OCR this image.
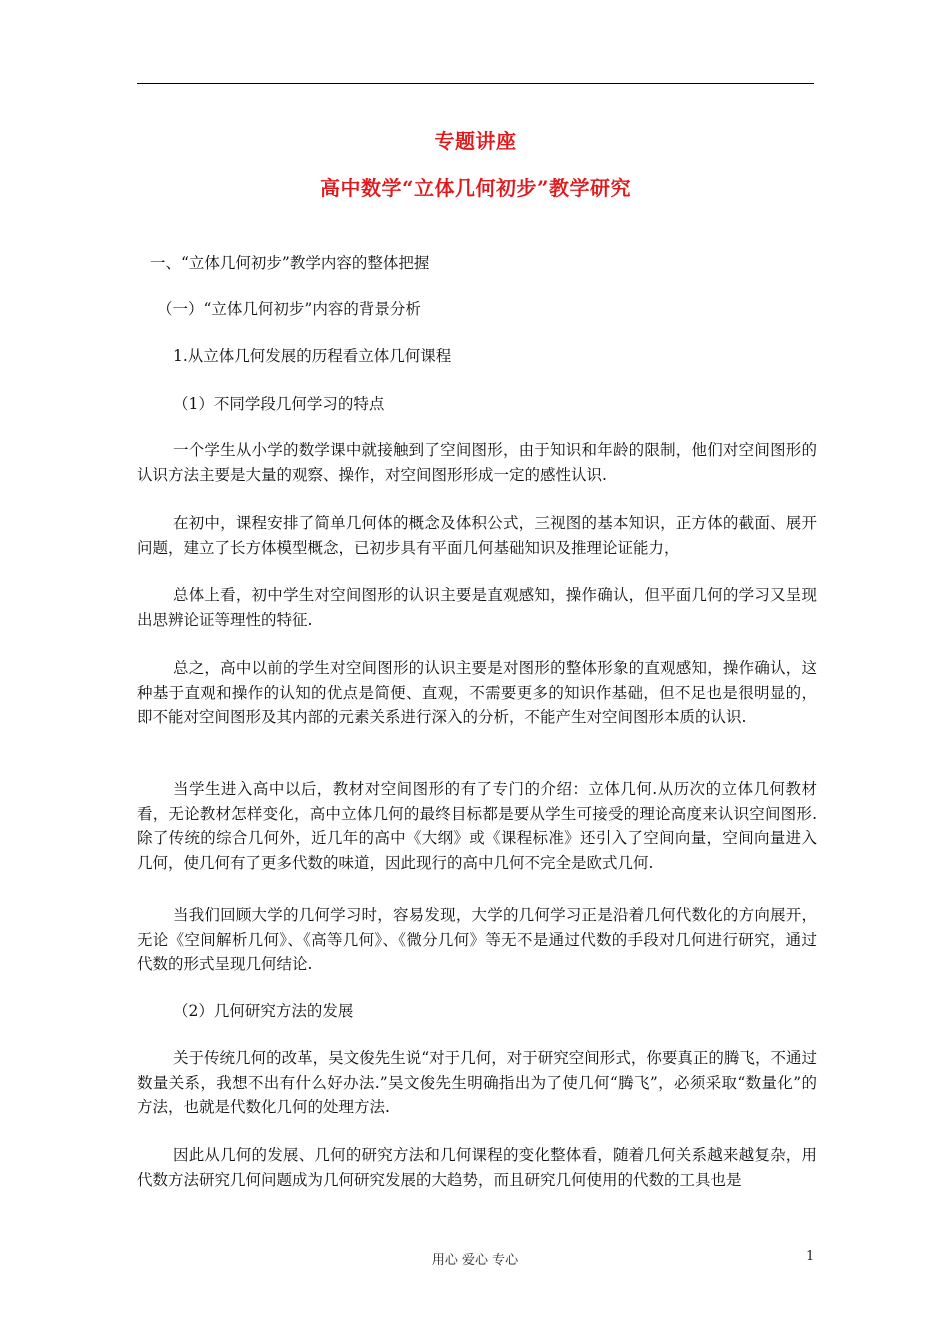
专题讲座
高中数学“立体几何初步”教学研究

一、“立体几何初步”教学内容的整体把握

（一）“立体几何初步”内容的背景分析

1.从立体几何发展的历程看立体几何课程

（1）不同学段几何学习的特点

一个学生从小学的数学课中就接触到了空间图形，由于知识和年龄的限制，他们对空间图形的认识方法主要是大量的观察、操作，对空间图形形成一定的感性认识.

在初中，课程安排了简单几何体的概念及体积公式，三视图的基本知识，正方体的截面、展开问题，建立了长方体模型概念，已初步具有平面几何基础知识及推理论证能力，

总体上看，初中学生对空间图形的认识主要是直观感知，操作确认，但平面几何的学习又呈现出思辨论证等理性的特征.

总之，高中以前的学生对空间图形的认识主要是对图形的整体形象的直观感知，操作确认，这种基于直观和操作的认知的优点是简便、直观，不需要更多的知识作基础，但不足也是很明显的，即不能对空间图形及其内部的元素关系进行深入的分析，不能产生对空间图形本质的认识.

当学生进入高中以后，教材对空间图形的有了专门的介绍：立体几何.从历次的立体几何教材看，无论教材怎样变化，高中立体几何的最终目标都是要从学生可接受的理论高度来认识空间图形.除了传统的综合几何外，近几年的高中《大纲》或《课程标准》还引入了空间向量，空间向量进入几何，使几何有了更多代数的味道，因此现行的高中几何不完全是欧式几何.

当我们回顾大学的几何学习时，容易发现，大学的几何学习正是沿着几何代数化的方向展开，无论《空间解析几何》、《高等几何》、《微分几何》等无不是通过代数的手段对几何进行研究，通过代数的形式呈现几何结论.

（2）几何研究方法的发展

关于传统几何的改革，吴文俊先生说“对于几何，对于研究空间形式，你要真正的腾飞，不通过数量关系，我想不出有什么好办法.”吴文俊先生明确指出为了使几何“腾飞”，必须采取“数量化”的方法，也就是代数化几何的处理方法.

因此从几何的发展、几何的研究方法和几何课程的变化整体看，随着几何关系越来越复杂，用代数方法研究几何问题成为几何研究发展的大趋势，而且研究几何使用的代数的工具也是

用心 爱心 专心	1
